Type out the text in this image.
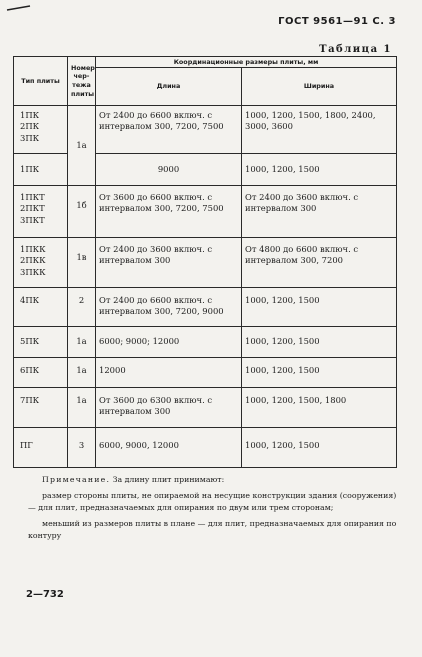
ГОСТ 9561—91 С. 3
Таблица 1
Тип плиты	Номер чер-тежа плиты	Координационные размеры плиты, мм	
		Длина	Ширина

1ПК
2ПК
3ПК	1а	От 2400 до 6600 включ. с интервалом 300, 7200, 7500	1000, 1200, 1500, 1800, 2400, 3000, 3600
1ПК		9000	1000, 1200, 1500

1ПКТ
2ПКТ
3ПКТ	1б	От 3600 до 6600 включ. с интервалом 300, 7200, 7500	От 2400 до 3600 включ. с интервалом 300

1ПКК
2ПКК
3ПКК	1в	От 2400 до 3600 включ. с интервалом 300	От 4800 до 6600 включ. с интервалом 300, 7200
4ПК	2	От 2400 до 6600 включ. с интервалом 300, 7200, 9000	1000, 1200, 1500
5ПК	1а	6000; 9000; 12000	1000, 1200, 1500
6ПК	1а	12000	1000, 1200, 1500
7ПК	1а	От 3600 до 6300 включ. с интервалом 300	1000, 1200, 1500, 1800
ПГ	3	6000, 9000, 12000	1000, 1200, 1500

Примечание. За длину плит принимают:

размер стороны плиты, не опираемой на несущие конструкции здания (сооружения) — для плит, предназначаемых для опирания по двум или трем сторонам;

меньший из размеров плиты в плане — для плит, предназначаемых для опирания по контуру

2—732
